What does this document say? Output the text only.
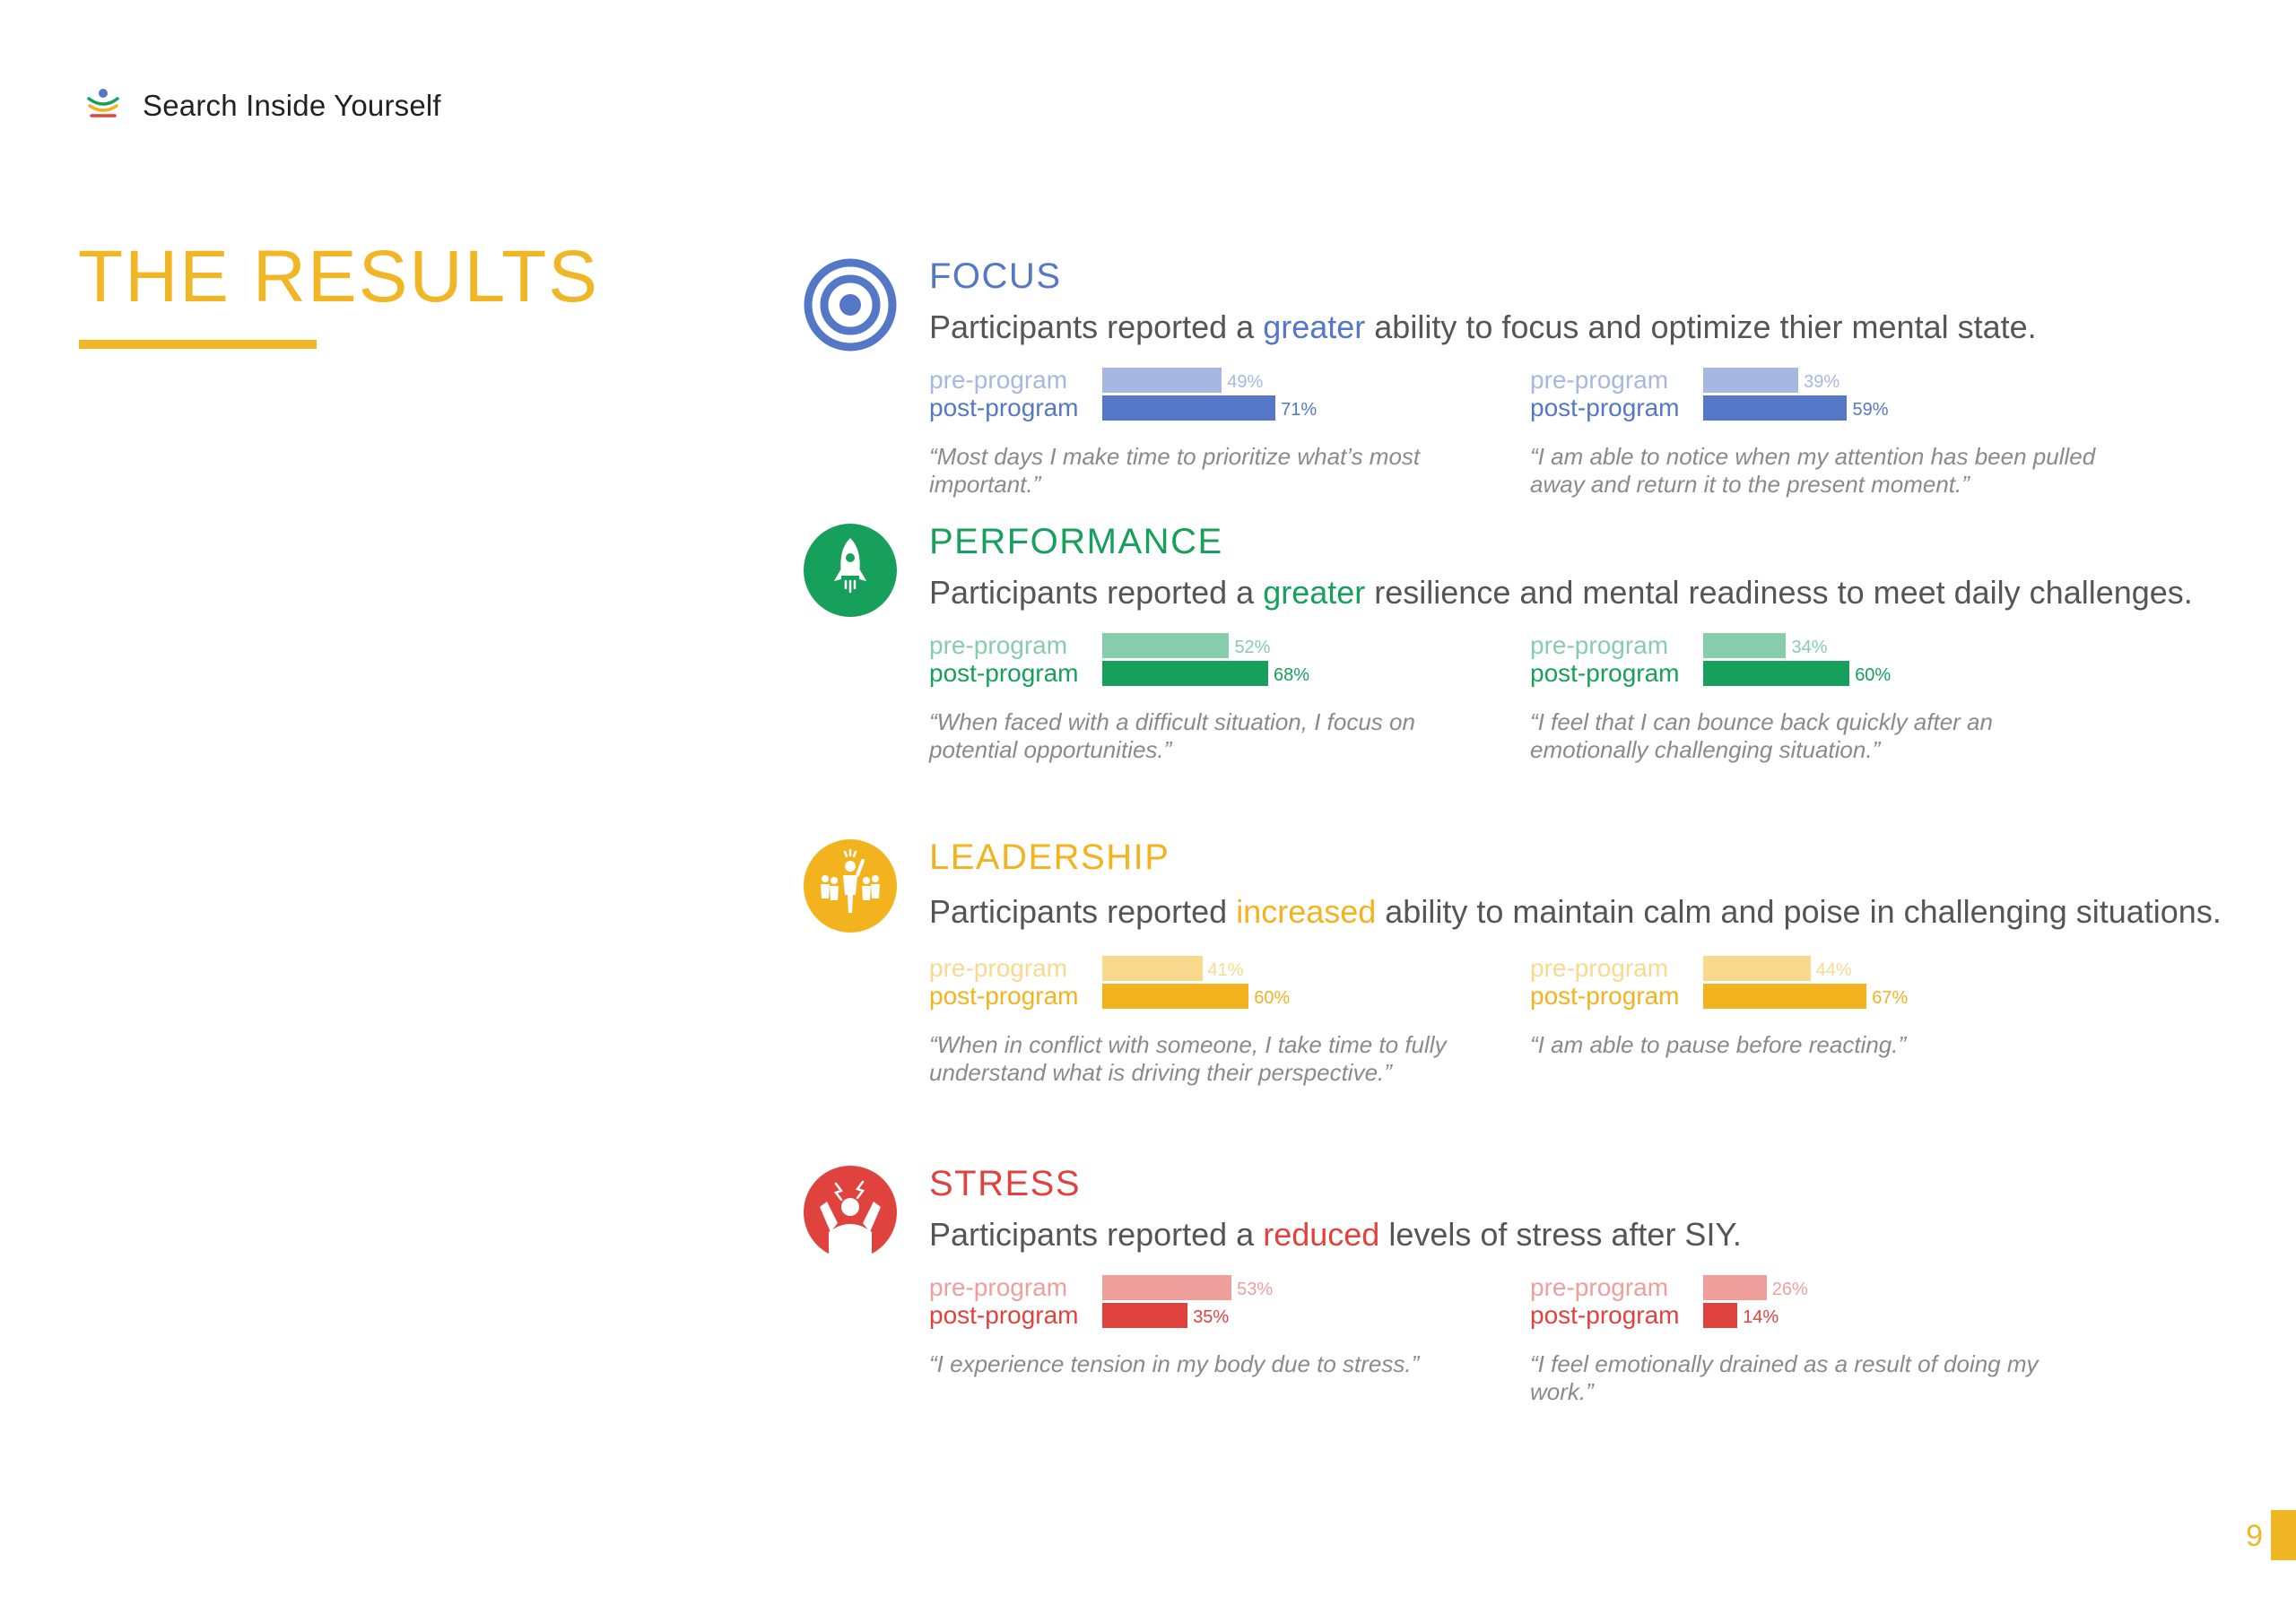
Search Inside Yourself
THE RESULTS	FOCUS

Participants reported a greater ability to focus and optimize thier mental state.

pre-program	49%
post-program	71%

“Most days I make time to prioritize what’s most important.”

pre-program	39%
post-program	59%

“I am able to notice when my attention has been pulled away and return it to the present moment.”

PERFORMANCE

Participants reported a greater resilience and mental readiness to meet daily challenges.

pre-program	52%
post-program	68%

“When faced with a difficult situation, I focus on potential opportunities.”

pre-program	34%
post-program	60%

“I feel that I can bounce back quickly after an emotionally challenging situation.”

LEADERSHIP

Participants reported increased ability to maintain calm and poise in challenging situations.

pre-program	41%
post-program	60%

“When in conflict with someone, I take time to fully understand what is driving their perspective.”

pre-program	44%
post-program	67%

“I am able to pause before reacting.”

STRESS

Participants reported a reduced levels of stress after SIY.

pre-program	53%
post-program	35%

“I experience tension in my body due to stress.”

pre-program	26%
post-program	14%

“I feel emotionally drained as a result of doing my work.”

9
